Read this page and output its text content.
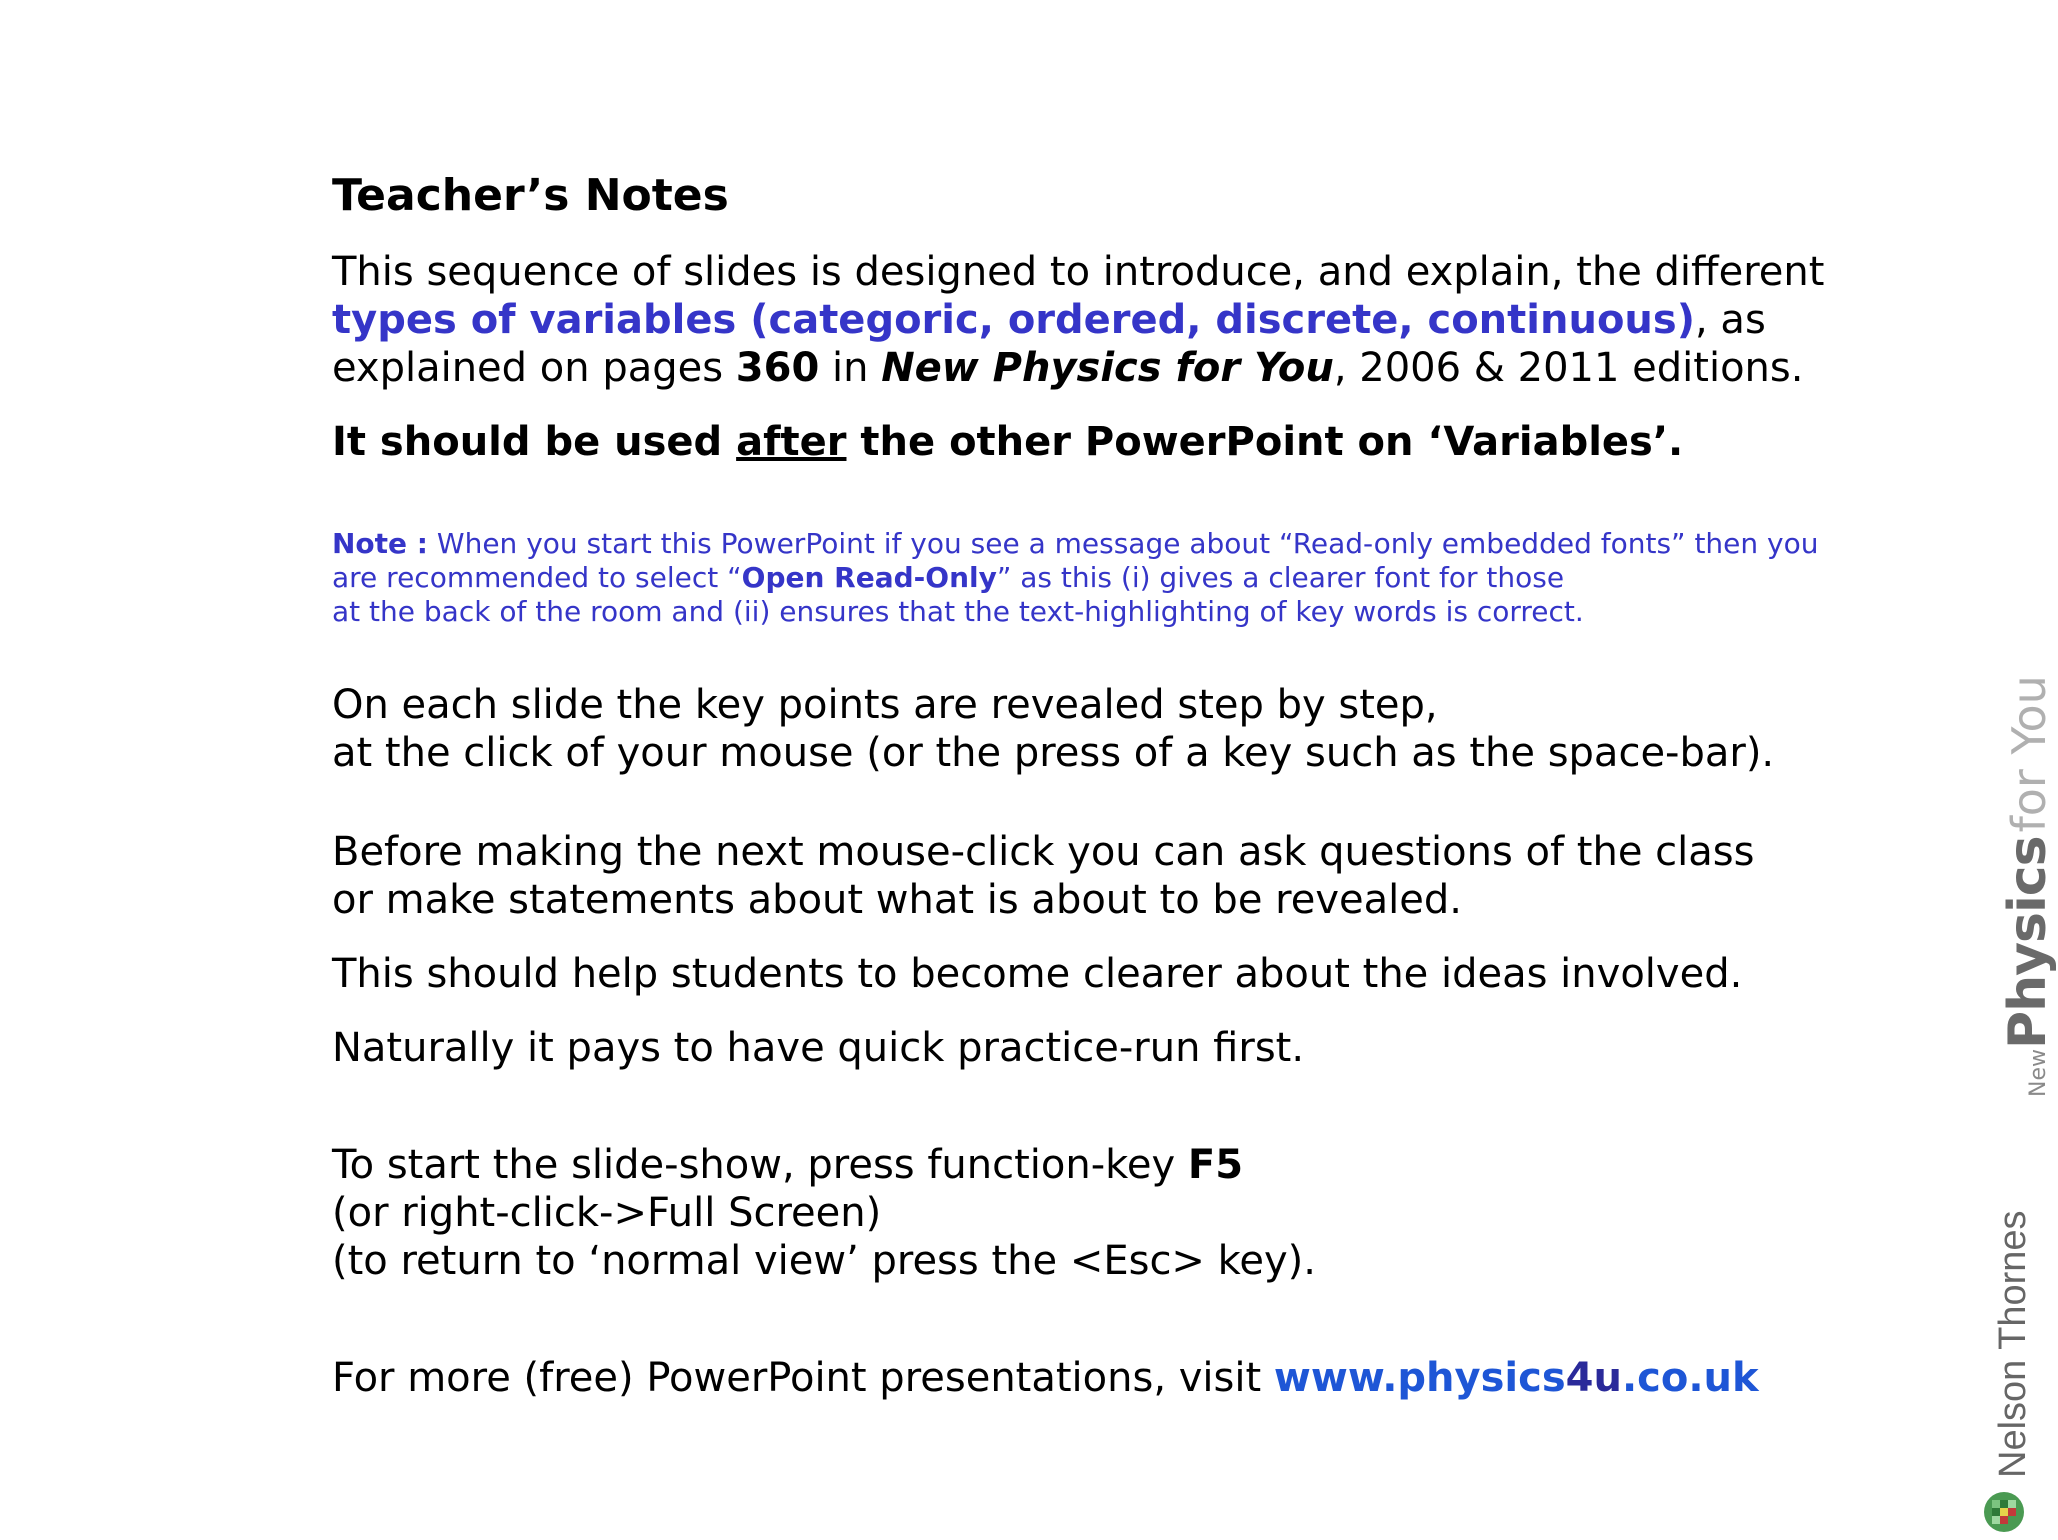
Teacher’s Notes
This sequence of slides is designed to introduce, and explain, the different
types of variables (categoric, ordered, discrete, continuous), as
explained on pages 360 in New Physics for You, 2006 & 2011 editions.
It should be used after the other PowerPoint on ‘Variables’.
Note : When you start this PowerPoint if you see a message about “Read-only embedded fonts” then you
are recommended to select “Open Read-Only” as this (i) gives a clearer font for those
at the back of the room and (ii) ensures that the text-highlighting of key words is correct.
On each slide the key points are revealed step by step,
at the click of your mouse (or the press of a key such as the space-bar).
Before making the next mouse-click you can ask questions of the class
or make statements about what is about to be revealed.
This should help students to become clearer about the ideas involved.
Naturally it pays to have quick practice-run first.
To start the slide-show, press function-key F5
(or right-click->Full Screen)
(to return to ‘normal view’ press the <Esc> key).
For more (free) PowerPoint presentations, visit www.physics4u.co.uk
NewPhysicsfor You
Nelson Thornes
